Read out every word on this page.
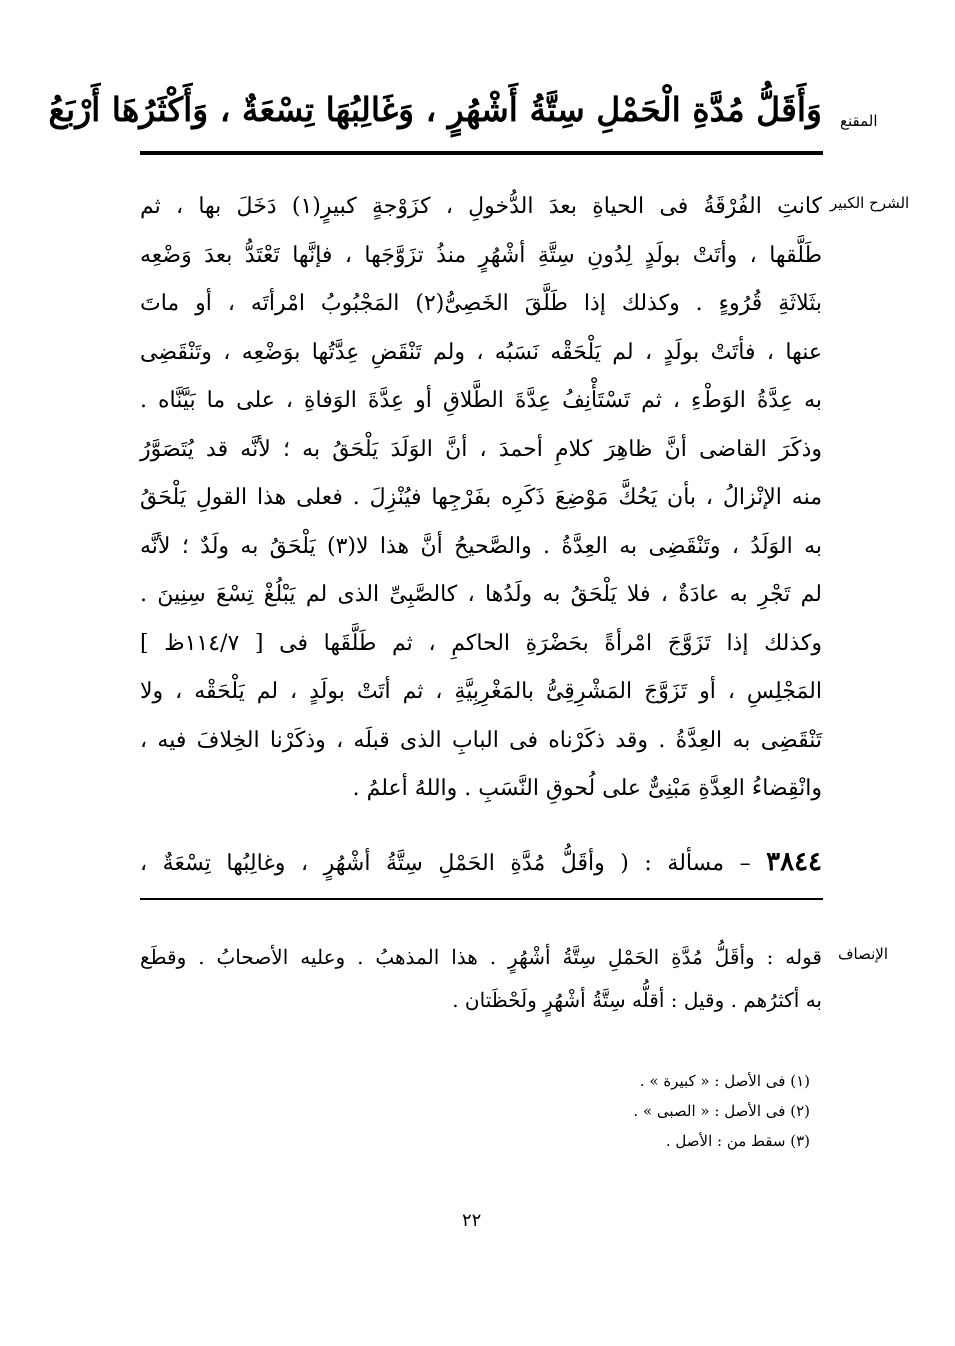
المقنع
وَأَقَلُّ مُدَّةِ الْحَمْلِ سِتَّةُ أَشْهُرٍ ، وَغَالِبُهَا تِسْعَةٌ ، وَأَكْثَرُهَا أَرْبَعُ
الشرح الكبير
كانتِ الفُرْقَةُ فى الحياةِ بعدَ الدُّخولِ ، كزَوْجةٍ كبيرٍ(١) دَخَلَ بها ، ثم
طَلَّقها ، وأتَتْ بولَدٍ لِدُونِ سِتَّةِ أشْهُرٍ منذُ تزَوَّجَها ، فإنَّها تَعْتَدُّ بعدَ وَضْعِه
بثَلاثَةِ قُرُوءٍ . وكذلك إذا طَلَّقَ الخَصِىُّ(٢) المَجْبُوبُ امْرأتَه ، أو ماتَ
عنها ، فأتَتْ بولَدٍ ، لم يَلْحَقْه نَسَبُه ، ولم تَنْقَضِ عِدَّتُها بوَضْعِه ، وتَنْقَضِى
به عِدَّةُ الوَطْءِ ، ثم تَسْتَأْنِفُ عِدَّةَ الطَّلاقِ أو عِدَّةَ الوَفاةِ ، على ما بَيَّنَّاه .
وذكَرَ القاضى أنَّ ظاهِرَ كلامِ أحمدَ ، أنَّ الوَلَدَ يَلْحَقُ به ؛ لأنَّه قد يُتَصَوَّرُ
منه الإنْزالُ ، بأن يَحُكَّ مَوْضِعَ ذَكَرِه بفَرْجِها فيُنْزِلَ . فعلى هذا القولِ يَلْحَقُ
به الوَلَدُ ، وتَنْقَضِى به العِدَّةُ . والصَّحيحُ أنَّ هذا لا(٣) يَلْحَقُ به ولَدٌ ؛ لأنَّه
لم تَجْرِ به عادَةٌ ، فلا يَلْحَقُ به ولَدُها ، كالصَّبِىِّ الذى لم يَبْلُغْ تِسْعَ سِنِينَ .
وكذلك إذا تَزَوَّجَ امْرأةً بحَضْرَةِ الحاكمِ ، ثم طَلَّقَها فى [ ١١٤/٧ظ ]
المَجْلِسِ ، أو تَزَوَّجَ المَشْرِقِىُّ بالمَغْرِبِيَّةِ ، ثم أتَتْ بولَدٍ ، لم يَلْحَقْه ، ولا
تَنْقَضِى به العِدَّةُ . وقد ذكَرْناه فى البابِ الذى قبلَه ، وذكَرْنا الخِلافَ فيه ،
وانْقِضاءُ العِدَّةِ مَبْنِىٌّ على لُحوقِ النَّسَبِ . واللهُ أعلمُ .
٣٨٤٤ – مسألة : ( وأقَلُّ مُدَّةِ الحَمْلِ سِتَّةُ أشْهُرٍ ، وغالِبُها تِسْعَةٌ ،
الإنصاف
قوله : وأقَلُّ مُدَّةِ الحَمْلِ سِتَّةُ أشْهُرٍ . هذا المذهبُ . وعليه الأصحابُ . وقطَع
به أكثرُهم . وقيل : أقلُّه سِتَّةُ أشْهُرٍ ولَحْظَتان .
(١) فى الأصل : « كبيرة » .
(٢) فى الأصل : « الصبى » .
(٣) سقط من : الأصل .
٢٢
